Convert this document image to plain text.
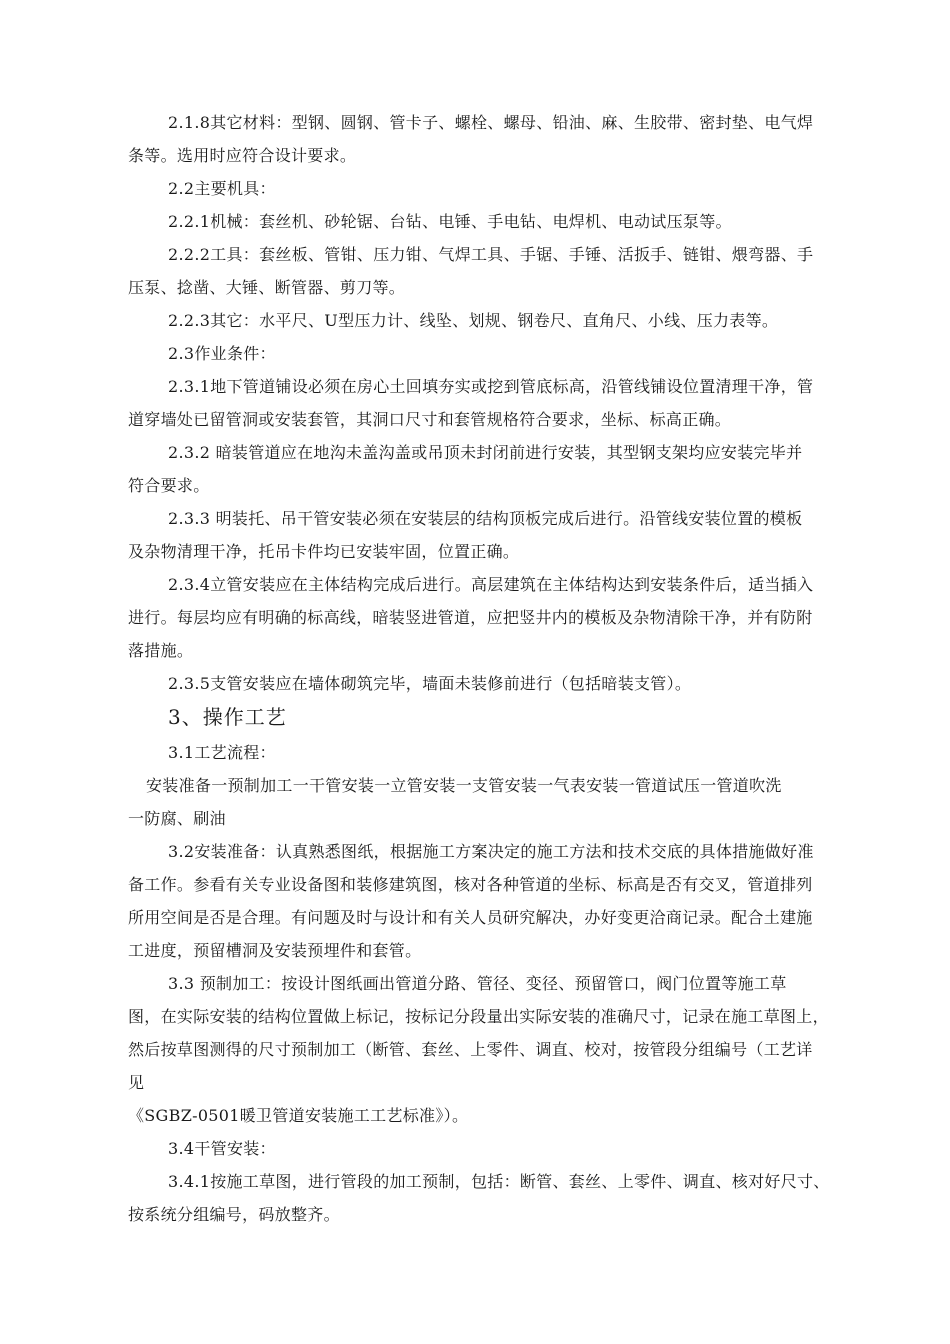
2.1.8其它材料：型钢、圆钢、管卡子、螺栓、螺母、铅油、麻、生胶带、密封垫、电气焊
条等。选用时应符合设计要求。
2.2主要机具：
2.2.1机械：套丝机、砂轮锯、台钻、电锤、手电钻、电焊机、电动试压泵等。
2.2.2工具：套丝板、管钳、压力钳、气焊工具、手锯、手锤、活扳手、链钳、煨弯器、手
压泵、捻凿、大锤、断管器、剪刀等。
2.2.3其它：水平尺、U型压力计、线坠、划规、钢卷尺、直角尺、小线、压力表等。
2.3作业条件：
2.3.1地下管道铺设必须在房心土回填夯实或挖到管底标高，沿管线铺设位置清理干净，管
道穿墙处已留管洞或安装套管，其洞口尺寸和套管规格符合要求，坐标、标高正确。
2.3.2 暗装管道应在地沟未盖沟盖或吊顶未封闭前进行安装，其型钢支架均应安装完毕并
符合要求。
2.3.3 明装托、吊干管安装必须在安装层的结构顶板完成后进行。沿管线安装位置的模板
及杂物清理干净，托吊卡件均已安装牢固，位置正确。
2.3.4立管安装应在主体结构完成后进行。高层建筑在主体结构达到安装条件后，适当插入
进行。每层均应有明确的标高线，暗装竖进管道，应把竖井内的模板及杂物清除干净，并有防附
落措施。
2.3.5支管安装应在墙体砌筑完毕，墙面未装修前进行（包括暗装支管）。
3、操作工艺
3.1工艺流程：
安装准备一预制加工一干管安装一立管安装一支管安装一气表安装一管道试压一管道吹洗
一防腐、刷油
3.2安装准备：认真熟悉图纸，根据施工方案决定的施工方法和技术交底的具体措施做好准
备工作。参看有关专业设备图和装修建筑图，核对各种管道的坐标、标高是否有交叉，管道排列
所用空间是否是合理。有问题及时与设计和有关人员研究解决，办好变更洽商记录。配合土建施
工进度，预留槽洞及安装预埋件和套管。
3.3 预制加工：按设计图纸画出管道分路、管径、变径、预留管口，阀门位置等施工草
图，在实际安装的结构位置做上标记，按标记分段量出实际安装的准确尺寸，记录在施工草图上，
然后按草图测得的尺寸预制加工（断管、套丝、上零件、调直、校对，按管段分组编号（工艺详
见
《SGBZ-0501暖卫管道安装施工工艺标准》）。
3.4干管安装：
3.4.1按施工草图，进行管段的加工预制，包括：断管、套丝、上零件、调直、核对好尺寸、
按系统分组编号，码放整齐。
